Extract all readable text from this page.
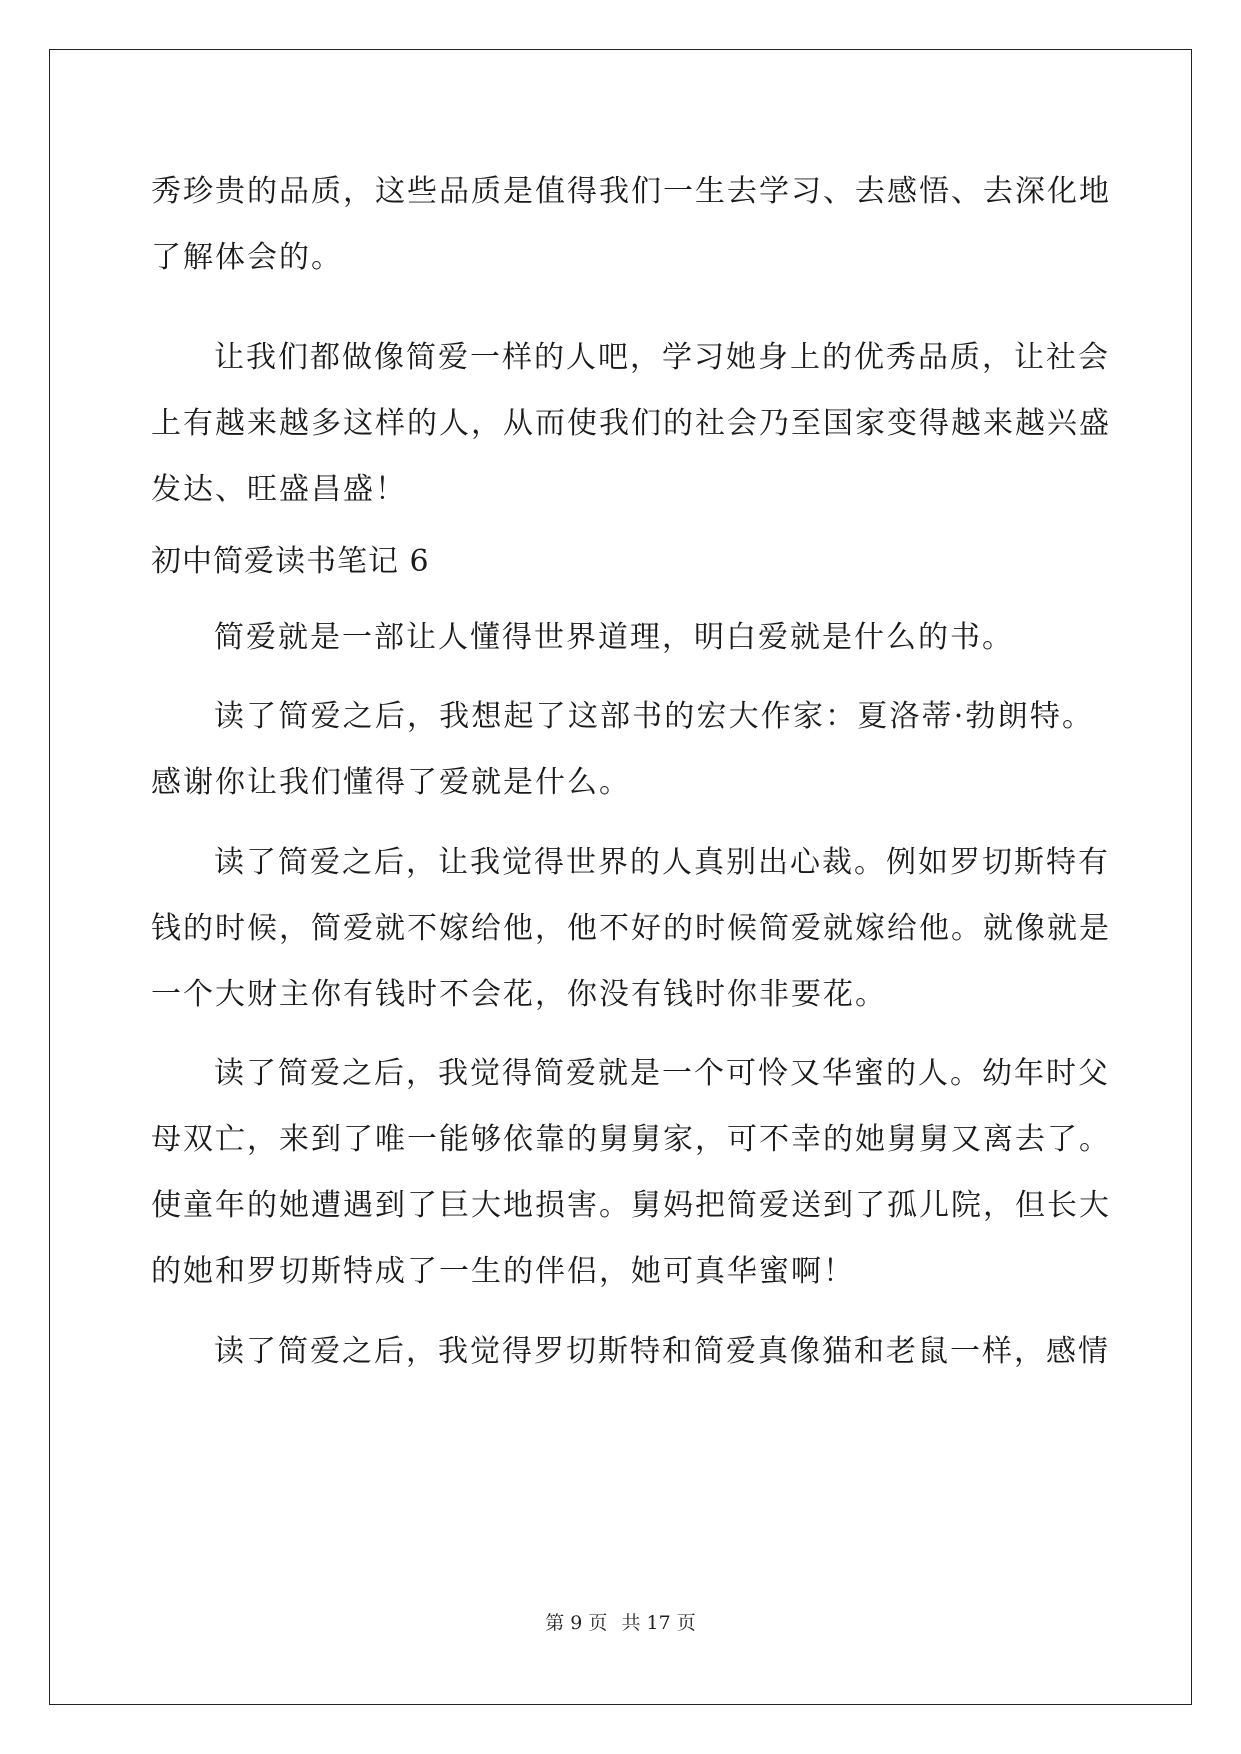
秀珍贵的品质，这些品质是值得我们一生去学习、去感悟、去深化地
了解体会的。
让我们都做像简爱一样的人吧，学习她身上的优秀品质，让社会
上有越来越多这样的人，从而使我们的社会乃至国家变得越来越兴盛
发达、旺盛昌盛！
初中简爱读书笔记 6
简爱就是一部让人懂得世界道理，明白爱就是什么的书。
读了简爱之后，我想起了这部书的宏大作家：夏洛蒂·勃朗特。
感谢你让我们懂得了爱就是什么。
读了简爱之后，让我觉得世界的人真别出心裁。例如罗切斯特有
钱的时候，简爱就不嫁给他，他不好的时候简爱就嫁给他。就像就是
一个大财主你有钱时不会花，你没有钱时你非要花。
读了简爱之后，我觉得简爱就是一个可怜又华蜜的人。幼年时父
母双亡，来到了唯一能够依靠的舅舅家，可不幸的她舅舅又离去了。
使童年的她遭遇到了巨大地损害。舅妈把简爱送到了孤儿院，但长大
的她和罗切斯特成了一生的伴侣，她可真华蜜啊！
读了简爱之后，我觉得罗切斯特和简爱真像猫和老鼠一样，感情
第 9 页 共 17 页
